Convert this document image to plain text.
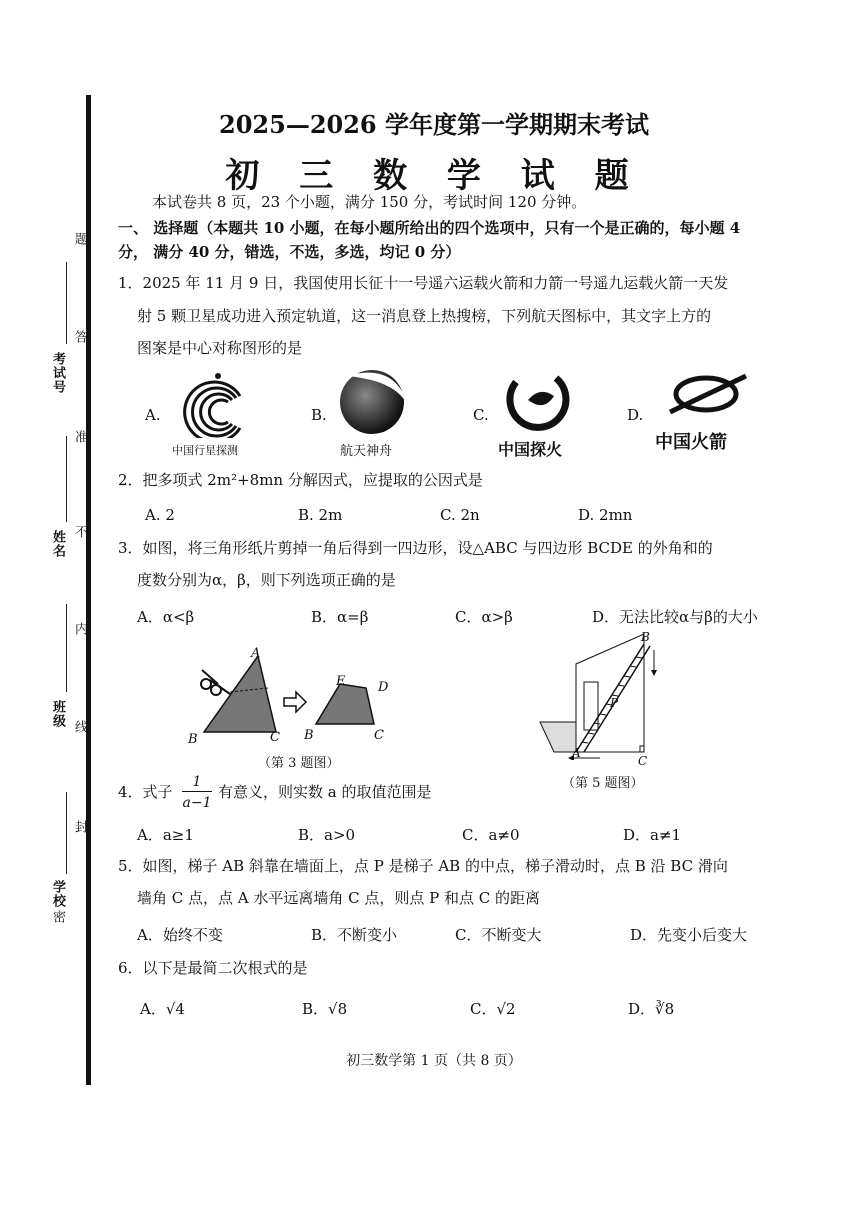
考试号
姓名
班级
学校
题
答
准
不
内
线
封
密
2025—2026 学年度第一学期期末考试
初 三 数 学 试 题
本试卷共 8 页，23 个小题，满分 150 分，考试时间 120 分钟。
一、 选择题（本题共 10 小题，在每小题所给出的四个选项中，只有一个是正确的，每小题 4
分， 满分 40 分，错选，不选，多选，均记 0 分）
1．2025 年 11 月 9 日，我国使用长征十一号遥六运载火箭和力箭一号遥九运载火箭一天发
射 5 颗卫星成功进入预定轨道，这一消息登上热搜榜，下列航天图标中，其文字上方的
图案是中心对称图形的是
A.
中国行星探测
B.
航天神舟
C.
中国探火
D.
中国火箭
2．把多项式 2m²+8mn 分解因式，应提取的公因式是
A. 2	B. 2m	C. 2n	D. 2mn
3．如图，将三角形纸片剪掉一角后得到一四边形，设△ABC 与四边形 BCDE 的外角和的
度数分别为α，β，则下列选项正确的是
A．α<β	B．α=β	C．α>β	D．无法比较α与β的大小
A
B	C
E	D
B	C
（第 3 题图）
B
P
A
C
（第 5 题图）
4．式子
1
a−1
有意义，则实数 a 的取值范围是
A．a≥1	B．a>0	C．a≠0	D．a≠1
5．如图，梯子 AB 斜靠在墙面上，点 P 是梯子 AB 的中点，梯子滑动时，点 B 沿 BC 滑向
墙角 C 点，点 A 水平远离墙角 C 点，则点 P 和点 C 的距离
A．始终不变	B．不断变小	C．不断变大	D．先变小后变大
6．以下是最简二次根式的是
A．√4	B．√8	C．√2	D．∛8
初三数学第 1 页（共 8 页）
